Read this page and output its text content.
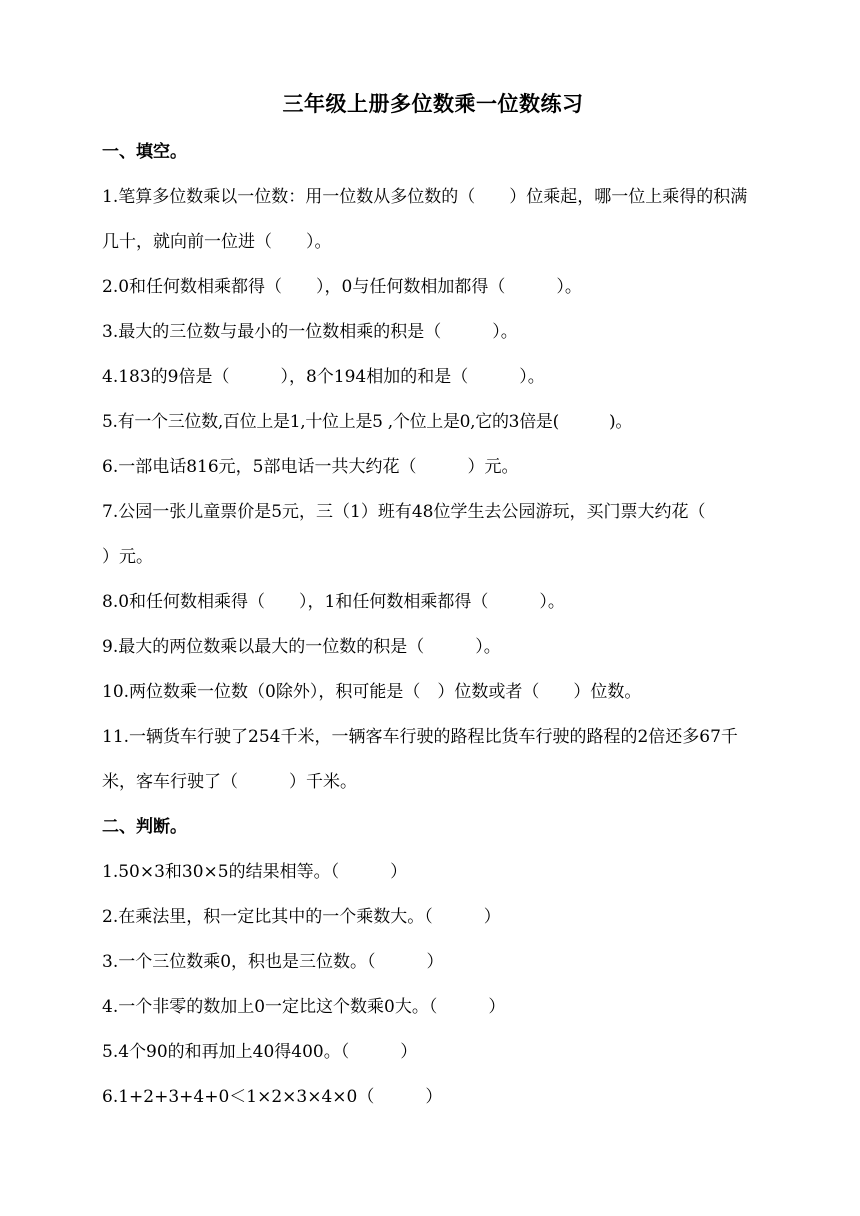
三年级上册多位数乘一位数练习
一、填空。
1.笔算多位数乘以一位数：用一位数从多位数的（　　）位乘起，哪一位上乘得的积满几十，就向前一位进（　　）。
2.0和任何数相乘都得（　　），0与任何数相加都得（　　　）。
3.最大的三位数与最小的一位数相乘的积是（　　　）。
4.183的9倍是（　　　），8个194相加的和是（　　　）。
5.有一个三位数,百位上是1,十位上是5 ,个位上是0,它的3倍是(　　　)。
6.一部电话816元，5部电话一共大约花（　　　）元。
7.公园一张儿童票价是5元，三（1）班有48位学生去公园游玩，买门票大约花（　　　）元。
8.0和任何数相乘得（　　），1和任何数相乘都得（　　　）。
9.最大的两位数乘以最大的一位数的积是（　　　）。
10.两位数乘一位数（0除外），积可能是（　）位数或者（　　）位数。
11.一辆货车行驶了254千米，一辆客车行驶的路程比货车行驶的路程的2倍还多67千米，客车行驶了（　　　）千米。
二、判断。
1.50×3和30×5的结果相等。（　　　）
2.在乘法里，积一定比其中的一个乘数大。（　　　）
3.一个三位数乘0，积也是三位数。（　　　）
4.一个非零的数加上0一定比这个数乘0大。（　　　）
5.4个90的和再加上40得400。（　　　）
6.1+2+3+4+0＜1×2×3×4×0（　　　）
